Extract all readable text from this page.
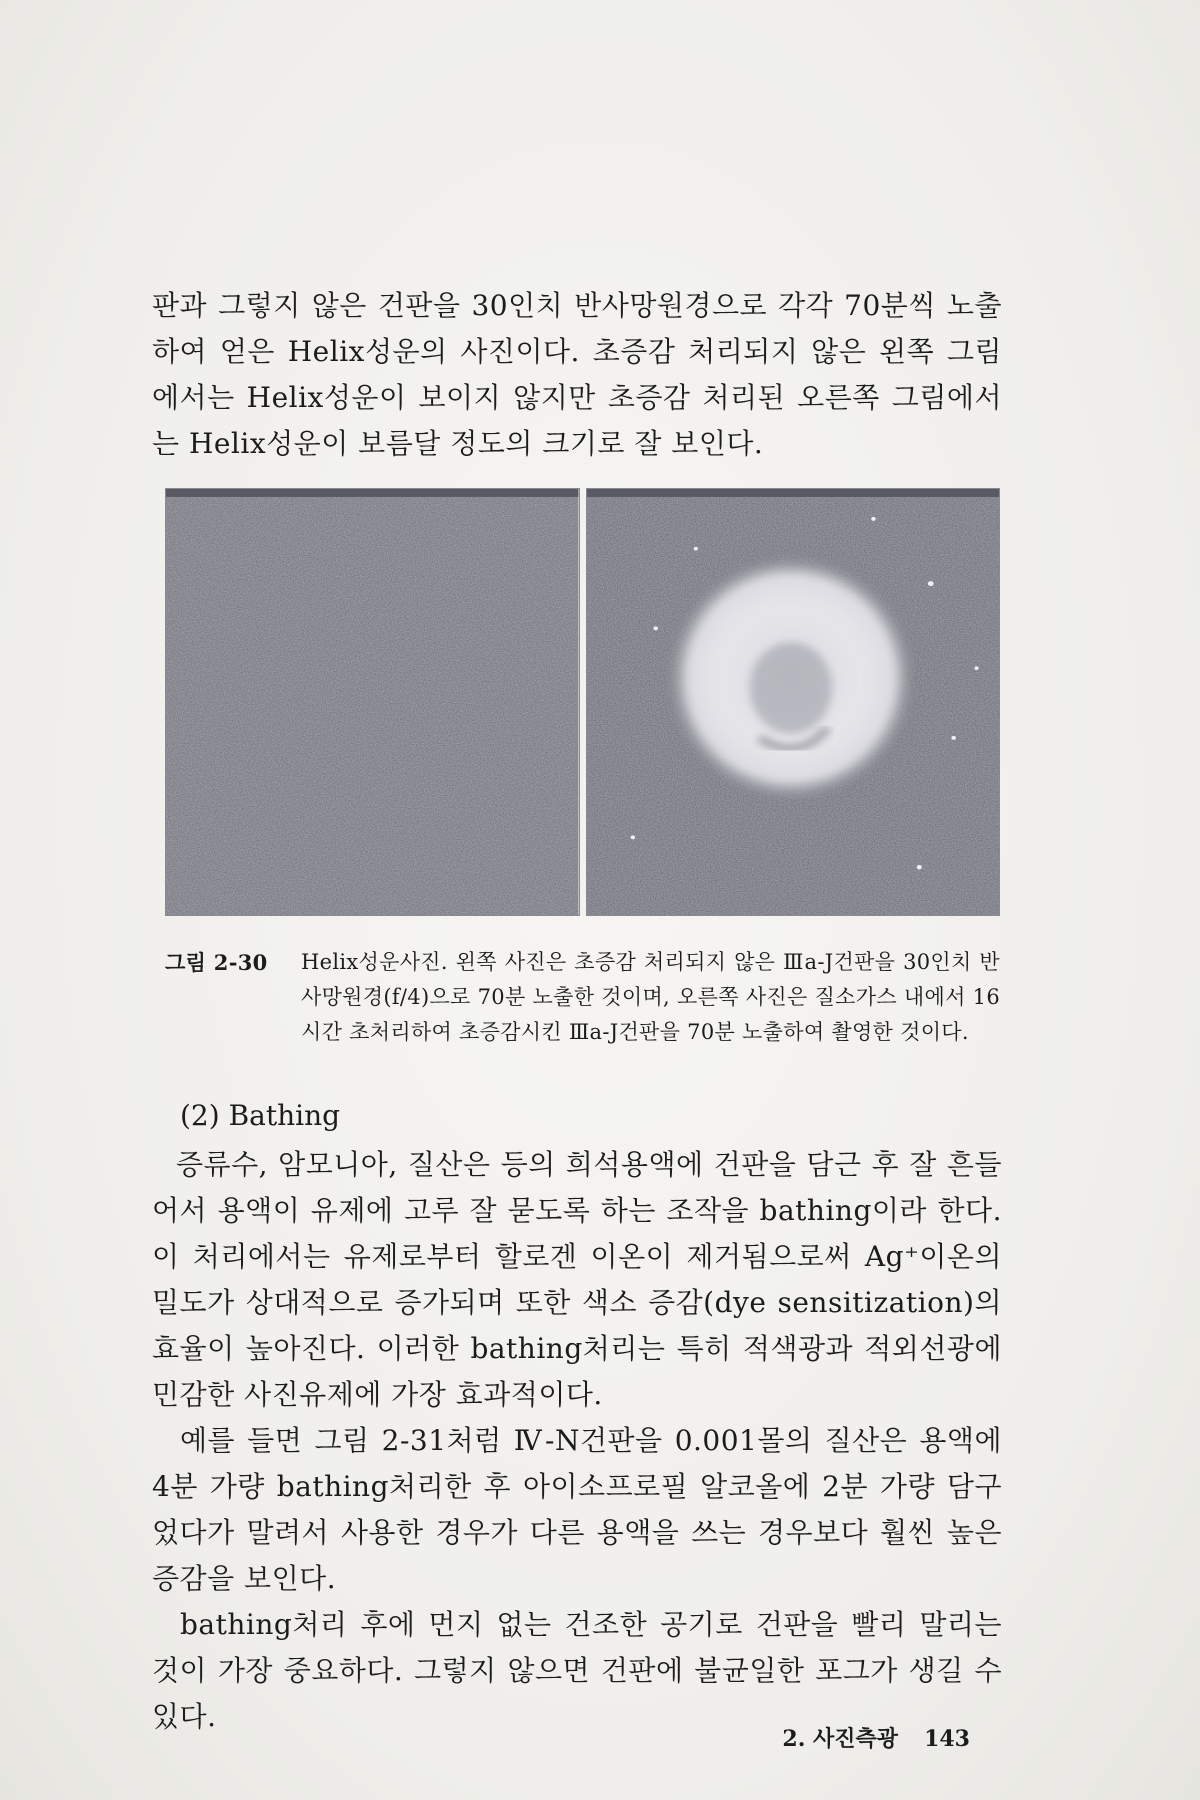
판과 그렇지 않은 건판을 30인치 반사망원경으로 각각 70분씩 노출하여 얻은 Helix성운의 사진이다. 초증감 처리되지 않은 왼쪽 그림에서는 Helix성운이 보이지 않지만 초증감 처리된 오른쪽 그림에서는 Helix성운이 보름달 정도의 크기로 잘 보인다.

그림 2-30	Helix성운사진. 왼쪽 사진은 초증감 처리되지 않은 Ⅲa-J건판을 30인치 반사망원경(f/4)으로 70분 노출한 것이며, 오른쪽 사진은 질소가스 내에서 16시간 초처리하여 초증감시킨 Ⅲa-J건판을 70분 노출하여 촬영한 것이다.
(2) Bathing

증류수, 암모니아, 질산은 등의 희석용액에 건판을 담근 후 잘 흔들어서 용액이 유제에 고루 잘 묻도록 하는 조작을 bathing이라 한다. 이 처리에서는 유제로부터 할로겐 이온이 제거됨으로써 Ag⁺이온의 밀도가 상대적으로 증가되며 또한 색소 증감(dye sensitization)의 효율이 높아진다. 이러한 bathing처리는 특히 적색광과 적외선광에 민감한 사진유제에 가장 효과적이다.

예를 들면 그림 2-31처럼 Ⅳ-N건판을 0.001몰의 질산은 용액에 4분 가량 bathing처리한 후 아이소프로필 알코올에 2분 가량 담구었다가 말려서 사용한 경우가 다른 용액을 쓰는 경우보다 훨씬 높은 증감을 보인다.

bathing처리 후에 먼지 없는 건조한 공기로 건판을 빨리 말리는 것이 가장 중요하다. 그렇지 않으면 건판에 불균일한 포그가 생길 수 있다.

2. 사진측광 143
